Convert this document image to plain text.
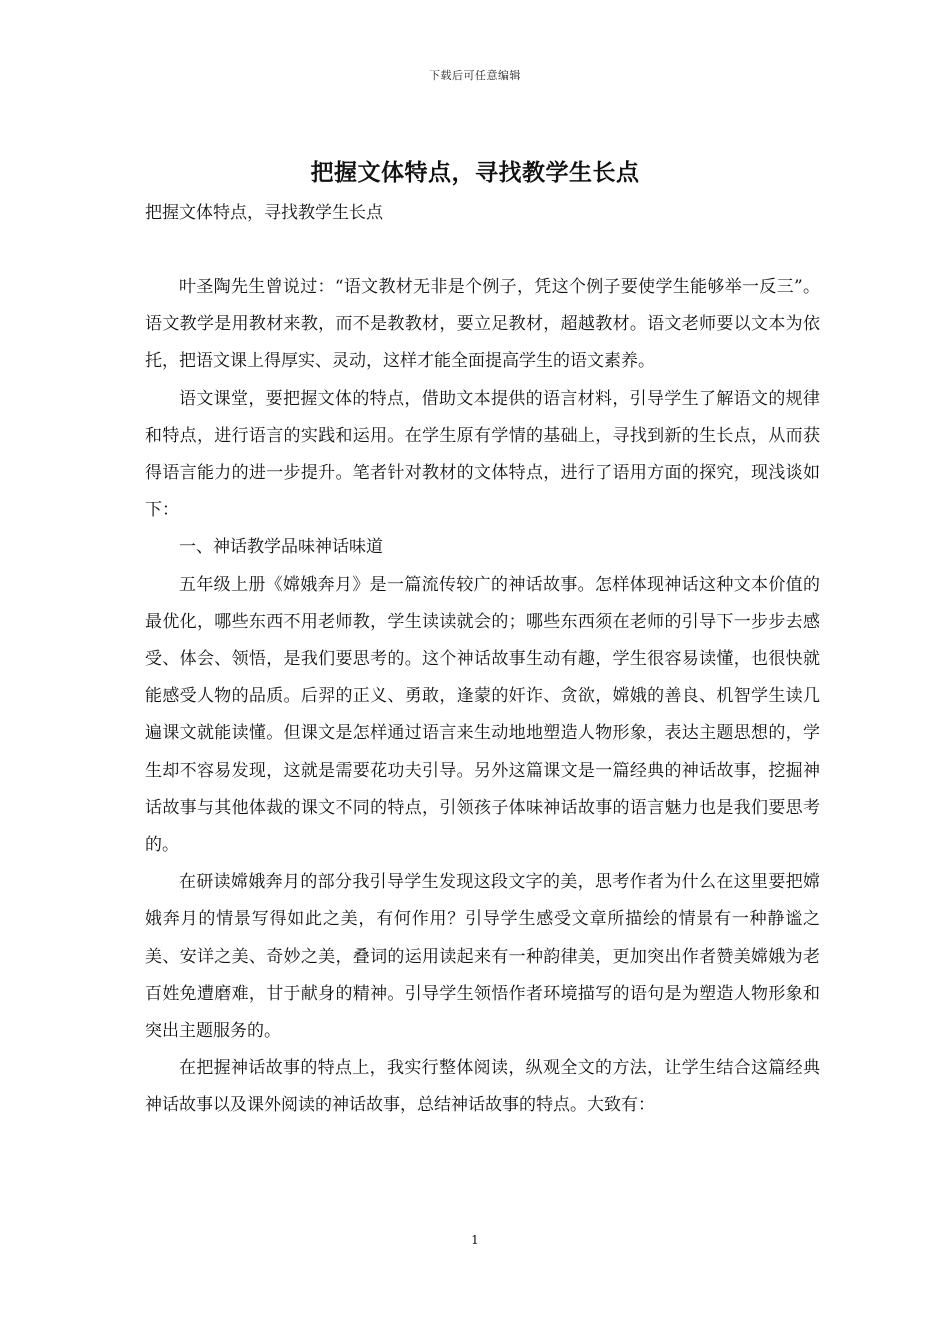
下载后可任意编辑
把握文体特点，寻找教学生长点
把握文体特点，寻找教学生长点

叶圣陶先生曾说过：“语文教材无非是个例子，凭这个例子要使学生能够举一反三”。语文教学是用教材来教，而不是教教材，要立足教材，超越教材。语文老师要以文本为依托，把语文课上得厚实、灵动，这样才能全面提高学生的语文素养。

语文课堂，要把握文体的特点，借助文本提供的语言材料，引导学生了解语文的规律和特点，进行语言的实践和运用。在学生原有学情的基础上，寻找到新的生长点，从而获得语言能力的进一步提升。笔者针对教材的文体特点，进行了语用方面的探究，现浅谈如下：

一、神话教学品味神话味道

五年级上册《嫦娥奔月》是一篇流传较广的神话故事。怎样体现神话这种文本价值的最优化，哪些东西不用老师教，学生读读就会的；哪些东西须在老师的引导下一步步去感受、体会、领悟，是我们要思考的。这个神话故事生动有趣，学生很容易读懂，也很快就能感受人物的品质。后羿的正义、勇敢，逢蒙的奸诈、贪欲，嫦娥的善良、机智学生读几遍课文就能读懂。但课文是怎样通过语言来生动地地塑造人物形象，表达主题思想的，学生却不容易发现，这就是需要花功夫引导。另外这篇课文是一篇经典的神话故事，挖掘神话故事与其他体裁的课文不同的特点，引领孩子体味神话故事的语言魅力也是我们要思考的。

在研读嫦娥奔月的部分我引导学生发现这段文字的美，思考作者为什么在这里要把嫦娥奔月的情景写得如此之美，有何作用？引导学生感受文章所描绘的情景有一种静谧之美、安详之美、奇妙之美，叠词的运用读起来有一种韵律美，更加突出作者赞美嫦娥为老百姓免遭磨难，甘于献身的精神。引导学生领悟作者环境描写的语句是为塑造人物形象和突出主题服务的。

在把握神话故事的特点上，我实行整体阅读，纵观全文的方法，让学生结合这篇经典神话故事以及课外阅读的神话故事，总结神话故事的特点。大致有：

1
